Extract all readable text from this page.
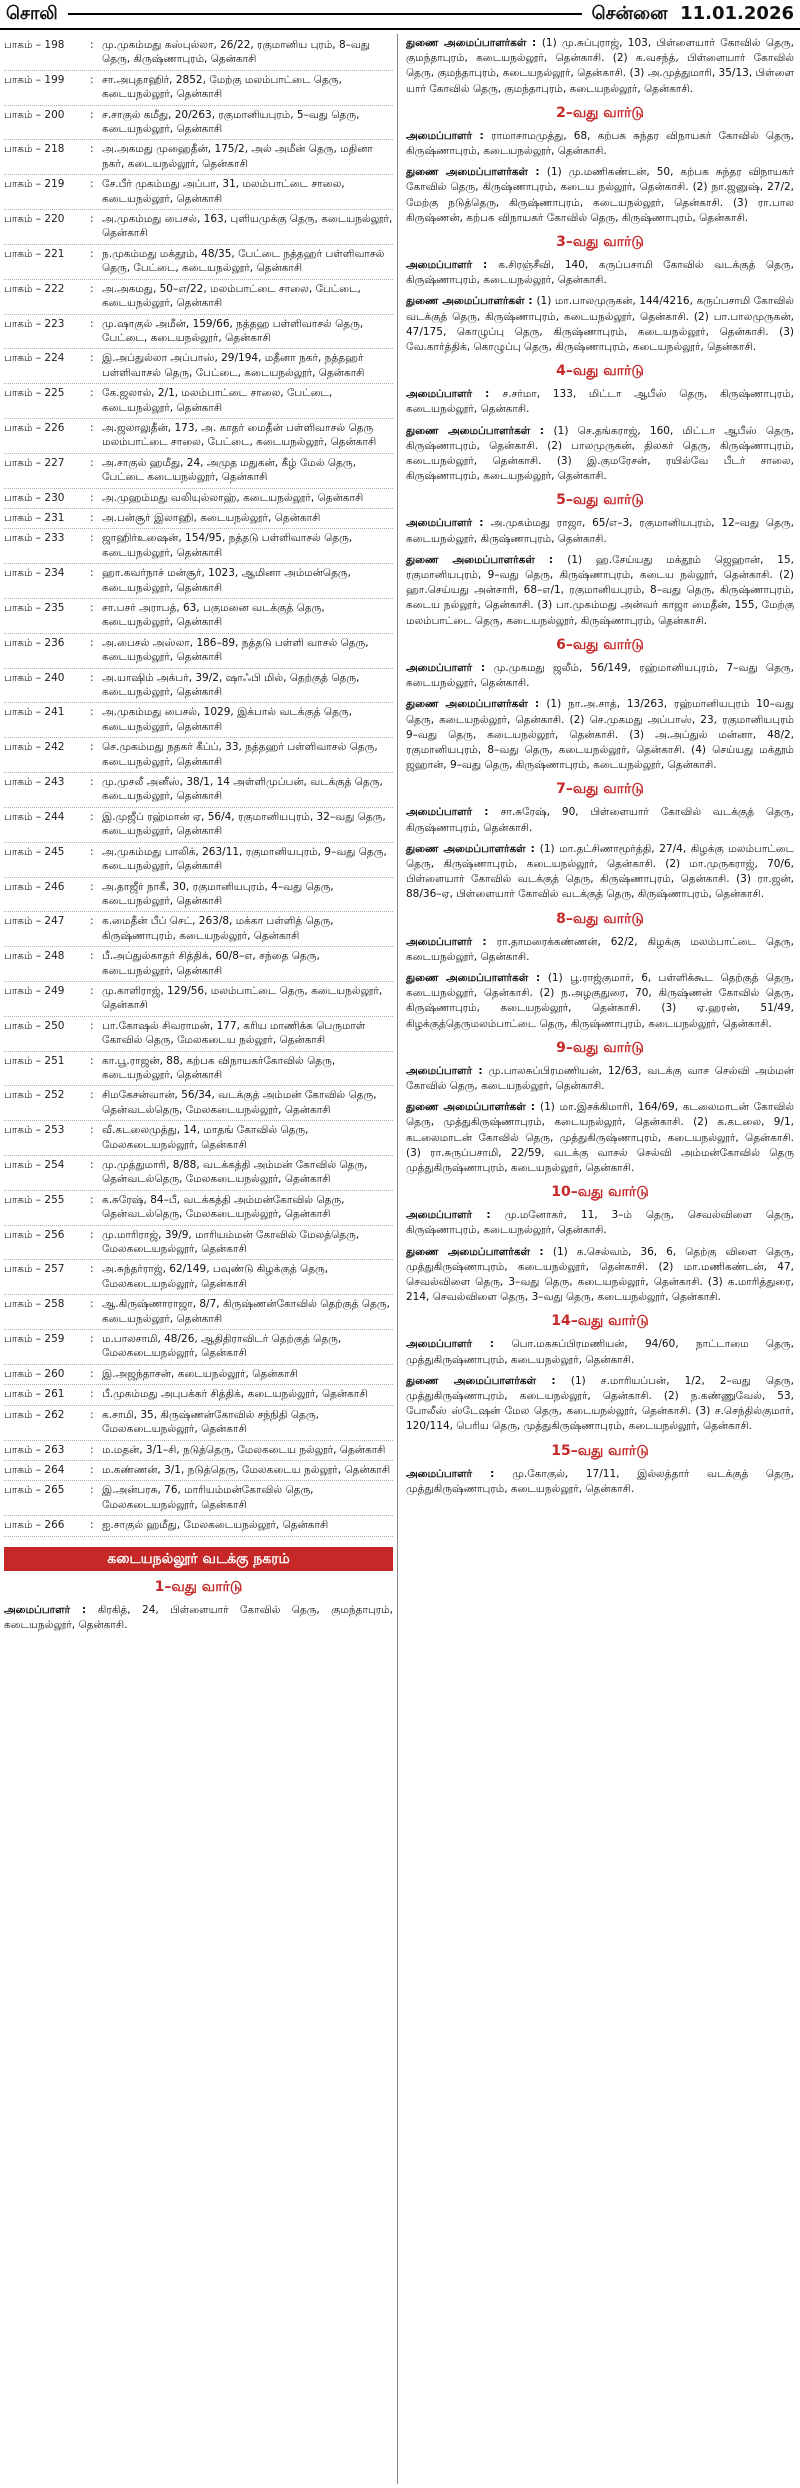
சொலி	சென்னை 11.01.2026
பாகம் – 198	: மு.முகம்மது கஸ்புல்லா, 26/22, ரகுமானிய புரம், 8–வது தெரு, கிருஷ்ணாபுரம், தென்காசி
பாகம் – 199	: சா.அபுதாஹிர், 2852, மேற்கு மலம்பாட்டை தெரு, கடையநல்லூர், தென்காசி
பாகம் – 200	: ச.சாகுல் கமீது, 20/263, ரகுமானியபுரம், 5–வது தெரு, கடையநல்லூர், தென்காசி
பாகம் – 218	: அ.அகமது முஹைதீன், 175/2, அல் அமீன் தெரு, மதினா நகர், கடையநல்லூர், தென்காசி
பாகம் – 219	: சே.பீர் முகம்மது அப்பா, 31, மலம்பாட்டை சாலை, கடையநல்லூர், தென்காசி
பாகம் – 220	: அ.முகம்மது பைசல், 163, புளியமுக்கு தெரு, கடையநல்லூர், தென்காசி
பாகம் – 221	: ந.முகம்மது மக்தூம், 48/35, பேட்டை நத்தஹர் பள்ளிவாசல் தெரு, பேட்டை, கடையநல்லூர், தென்காசி
பாகம் – 222	: அ.அகமது, 50–எ/22, மலம்பாட்டை சாலை, பேட்டை, கடையநல்லூர், தென்காசி
பாகம் – 223	: மு.ஷாகுல் அமீன், 159/66, நத்தஹ பள்ளிவாசல் தெரு, பேட்டை, கடையநல்லூர், தென்காசி
பாகம் – 224	: இ.அப்துல்லா அப்பாஸ், 29/194, மதீனா நகர், நத்தஹர் பள்ளிவாசல் தெரு, பேட்டை, கடையநல்லூர், தென்காசி
பாகம் – 225	: கே.ஜலால், 2/1, மலம்பாட்டை சாலை, பேட்டை, கடையநல்லூர், தென்காசி
பாகம் – 226	: அ.ஜலாலுதீன், 173, அ. காதர் மைதீன் பள்ளிவாசல் தெரு மலம்பாட்டை சாலை, பேட்டை, கடையநல்லூர், தென்காசி
பாகம் – 227	: அ.சாகுல் ஹமீது, 24, அமுத மதுகன், கீழ் மேல் தெரு, பேட்டை கடையநல்லூர், தென்காசி
பாகம் – 230	: அ.முஹம்மது வலியுல்லாஹ், கடையநல்லூர், தென்காசி
பாகம் – 231	: அ.பன்சூர் இலாஹி, கடையநல்லூர், தென்காசி
பாகம் – 233	: ஜாஹிர்உஷைன், 154/95, நத்தடு பள்ளிவாசல் தெரு, கடையநல்லூர், தென்காசி
பாகம் – 234	: ஹா.கவர்நாச் மன்சூர், 1023, ஆமினா அம்மன்தெரு, கடையநல்லூர், தென்காசி
பாகம் – 235	: சா.பசர் அராபத், 63, பகுமனை வடக்குத் தெரு, கடையநல்லூர், தென்காசி
பாகம் – 236	: அ.பைசல் அஸ்லா, 186–89, நத்தடு பள்ளி வாசல் தெரு, கடையநல்லூர், தென்காசி
பாகம் – 240	: அ.யாஷிம் அக்பர், 39/2, ஷாஃபி மில், தெற்குத் தெரு, கடையநல்லூர், தென்காசி
பாகம் – 241	: அ.முகம்மது பைசல், 1029, இக்பால் வடக்குத் தெரு, கடையநல்லூர், தென்காசி
பாகம் – 242	: செ.முகம்மது நதகர் கீப்ப், 33, நத்தஹர் பள்ளிவாசல் தெரு, கடையநல்லூர், தென்காசி
பாகம் – 243	: மு.முசலீ அனீஸ், 38/1, 14 அள்ளிமுப்பன், வடக்குத் தெரு, கடையநல்லூர், தென்காசி
பாகம் – 244	: இ.முஜீப் ரஹ்மான் ஏ, 56/4, ரகுமானியபுரம், 32–வது தெரு, கடையநல்லூர், தென்காசி
பாகம் – 245	: அ.முகம்மது பாலிக், 263/11, ரகுமானியபுரம், 9–வது தெரு, கடையநல்லூர், தென்காசி
பாகம் – 246	: அ.தாஜீர் நாகீ, 30, ரகுமானியபுரம், 4–வது தெரு, கடையநல்லூர், தென்காசி
பாகம் – 247	: க.மைதீன் பீப் செட், 263/8, மக்கா பள்ளித் தெரு, கிருஷ்ணாபுரம், கடையநல்லூர், தென்காசி
பாகம் – 248	: பீ.அப்துல்காதர் சித்திக், 60/8–எ, சந்தை தெரு, கடையநல்லூர், தென்காசி
பாகம் – 249	: மு.காளிராஜ், 129/56, மலம்பாட்டை தெரு, கடையநல்லூர், தென்காசி
பாகம் – 250	: பா.கோஷல் சிவராமன், 177, கரிய மாணிக்க பெருமாள் கோவில் தெரு, மேலகடைய நல்லூர், தென்காசி
பாகம் – 251	: கா.பூ.ராஜன், 88, கற்பக விநாயகர்கோவில் தெரு, கடையநல்லூர், தென்காசி
பாகம் – 252	: சிமகேசன்வான், 56/34, வடக்குத் அம்மன் கோவில் தெரு, தென்வடல்தெரு, மேலகடையநல்லூர், தென்காசி
பாகம் – 253	: வீ.கடலைமுத்து, 14, மாதங் கோவில் தெரு, மேலகடையநல்லூர், தென்காசி
பாகம் – 254	: மு.முத்துமாரி, 8/88, வடக்கத்தி அம்மன் கோவில் தெரு, தென்வடல்தெரு, மேலகடையநல்லூர், தென்காசி
பாகம் – 255	: க.சுரேஷ், 84–பீ, வடக்கத்தி அம்மன்கோவில் தெரு, தென்வடல்தெரு, மேலகடையநல்லூர், தென்காசி
பாகம் – 256	: மு.மாரிராஜ், 39/9, மாரியம்மன் கோவில் மேலத்தெரு, மேலகடையநல்லூர், தென்காசி
பாகம் – 257	: அ.சுந்தர்ராஜ், 62/149, பவுண்டு கிழக்குத் தெரு, மேலகடையநல்லூர், தென்காசி
பாகம் – 258	: ஆ.கிருஷ்ணாராஜா, 8/7, கிருஷ்ணன்கோவில் தெற்குத் தெரு, கடையநல்லூர், தென்காசி
பாகம் – 259	: ம.பாலசாமி, 48/26, ஆதிதிராவிடர் தெற்குத் தெரு, மேலகடையநல்லூர், தென்காசி
பாகம் – 260	: இ.அஜந்தாசன், கடையநல்லூர், தென்காசி
பாகம் – 261	: பீ.முகம்மது அபுபக்கர் சித்திக், கடையநல்லூர், தென்காசி
பாகம் – 262	: க.சாமி, 35, கிருஷ்ணன்கோவில் சந்நிதி தெரு, மேலகடையநல்லூர், தென்காசி
பாகம் – 263	: ம.மதன், 3/1–சி, நடுத்தெரு, மேலகடைய நல்லூர், தென்காசி
பாகம் – 264	: ம.கண்ணன், 3/1, நடுத்தெரு, மேலகடைய நல்லூர், தென்காசி
பாகம் – 265	: இ.அன்பரசு, 76, மாரியம்மன்கோவில் தெரு, மேலகடையநல்லூர், தென்காசி
பாகம் – 266	: ஐ.சாகுல் ஹமீது, மேலகடையநல்லூர், தென்காசி
கடையநல்லூர் வடக்கு நகரம்
1–வது வார்டு

அமைப்பாளர் : கிரகித், 24, பிள்ளையார் கோவில் தெரு, குமந்தாபுரம், கடையநல்லூர், தென்காசி.

துணை அமைப்பாளர்கள் : (1) மு.சுப்புராஜ், 103, பிள்ளையார் கோவில் தெரு, குமந்தாபுரம், கடையநல்லூர், தென்காசி. (2) க.வசந்த், பிள்ளையார் கோவில் தெரு, குமந்தாபுரம், கடையநல்லூர், தென்காசி. (3) அ.முத்துமாரி, 35/13, பிள்ளை யார் கோவில் தெரு, குமந்தாபுரம், கடையநல்லூர், தென்காசி.

2–வது வார்டு

அமைப்பாளர் : ராமாசாமமுத்து, 68, கற்பக சுந்தர விநாயகர் கோவில் தெரு, கிருஷ்ணாபுரம், கடையநல்லூர், தென்காசி.

துணை அமைப்பாளர்கள் : (1) மு.மணிகண்டன், 50, கற்பக சுந்தர விநாயகர் கோவில் தெரு, கிருஷ்ணாபுரம், கடைய நல்லூர், தென்காசி. (2) நா.ஜனுஷ், 27/2, மேற்கு நடுத்தெரு, கிருஷ்ணாபுரம், கடையநல்லூர், தென்காசி. (3) ரா.பால கிருஷ்ணன், கற்பக விநாயகர் கோவில் தெரு, கிருஷ்ணாபுரம், தென்காசி.

3–வது வார்டு

அமைப்பாளர் : க.சிரஞ்சீவி, 140, கருப்பசாமி கோவில் வடக்குத் தெரு, கிருஷ்ணாபுரம், கடையநல்லூர், தென்காசி.

துணை அமைப்பாளர்கள் : (1) மா.பாலமுருகன், 144/4216, கருப்பசாமி கோவில் வடக்குத் தெரு, கிருஷ்ணாபுரம், கடையநல்லூர், தென்காசி. (2) பா.பாலமுருகன், 47/175, கொழுப்பு தெரு, கிருஷ்ணாபுரம், கடையநல்லூர், தென்காசி. (3) வே.கார்த்திக், கொழுப்பு தெரு, கிருஷ்ணாபுரம், கடையநல்லூர், தென்காசி.

4–வது வார்டு

அமைப்பாளர் : ச.சர்மா, 133, மிட்டா ஆபீஸ் தெரு, கிருஷ்ணாபுரம், கடையநல்லூர், தென்காசி.

துணை அமைப்பாளர்கள் : (1) செ.தங்கராஜ், 160, மிட்டா ஆபீஸ் தெரு, கிருஷ்ணாபுரம், தென்காசி. (2) பாலமுருகன், திலகர் தெரு, கிருஷ்ணாபுரம், கடையநல்லூர், தென்காசி. (3) இ.குமரேசன், ரயில்வே பீடர் சாலை, கிருஷ்ணாபுரம், கடையநல்லூர், தென்காசி.

5–வது வார்டு

அமைப்பாளர் : அ.முகம்மது ராஜா, 65/எ–3, ரகுமானியபுரம், 12–வது தெரு, கடையநல்லூர், கிருஷ்ணாபுரம், தென்காசி.

துணை அமைப்பாளர்கள் : (1) ஹ.சேய்யது மக்தூம் ஜெஹான், 15, ரகுமானியபுரம், 9–வது தெரு, கிருஷ்ணாபுரம், கடைய நல்லூர், தென்காசி. (2) ஹா.செய்யது அன்சாரி, 68–எ/1, ரகுமானியபுரம், 8–வது தெரு, கிருஷ்ணாபுரம், கடைய நல்லூர், தென்காசி. (3) பா.முகம்மது அன்வர் காஜா மைதீன், 155, மேற்கு மலம்பாட்டை தெரு, கடையநல்லூர், கிருஷ்ணாபுரம், தென்காசி.

6–வது வார்டு

அமைப்பாளர் : மு.முகமது ஜலீம், 56/149, ரஹ்மானியபுரம், 7–வது தெரு, கடையநல்லூர், தென்காசி.

துணை அமைப்பாளர்கள் : (1) நா.அ.சாத், 13/263, ரஹ்மானியபுரம் 10–வது தெரு, கடையநல்லூர், தென்காசி. (2) செ.முகமது அப்பாஸ், 23, ரகுமானியபுரம் 9–வது தெரு, கடையநல்லூர், தென்காசி. (3) அ.அப்துல் மன்னா, 48/2, ரகுமானியபுரம், 8–வது தெரு, கடையநல்லூர், தென்காசி. (4) செய்யது மக்தூம் ஜஹான், 9–வது தெரு, கிருஷ்ணாபுரம், கடையநல்லூர், தென்காசி.

7–வது வார்டு

அமைப்பாளர் : சா.சுரேஷ், 90, பிள்ளையார் கோவில் வடக்குத் தெரு, கிருஷ்ணாபுரம், தென்காசி.

துணை அமைப்பாளர்கள் : (1) மா.தட்சிணாமூர்த்தி, 27/4, கிழக்கு மலம்பாட்டை தெரு, கிருஷ்ணாபுரம், கடையநல்லூர், தென்காசி. (2) மா.முருகராஜ், 70/6, பிள்ளையார் கோவில் வடக்குத் தெரு, கிருஷ்ணாபுரம், தென்காசி. (3) ரா.ஜன், 88/36–ஏ, பிள்ளையார் கோவில் வடக்குத் தெரு, கிருஷ்ணாபுரம், தென்காசி.

8–வது வார்டு

அமைப்பாளர் : ரா.தாமரைக்கண்ணன், 62/2, கிழக்கு மலம்பாட்டை தெரு, கடையநல்லூர், தென்காசி.

துணை அமைப்பாளர்கள் : (1) பூ.ராஜ்குமார், 6, பள்ளிக்கூட தெற்குத் தெரு, கடையநல்லூர், தென்காசி. (2) ந.அழகுதுரை, 70, கிருஷ்ணன் கோவில் தெரு, கிருஷ்ணாபுரம், கடையநல்லூர், தென்காசி. (3) ஏ.ஹரன், 51/49, கிழக்குத்தெருமலம்பாட்டை தெரு, கிருஷ்ணாபுரம், கடையநல்லூர், தென்காசி.

9–வது வார்டு

அமைப்பாளர் : மு.பாலசுப்பிரமணியன், 12/63, வடக்கு வாச செல்வி அம்மன் கோவில் தெரு, கடையநல்லூர், தென்காசி.

துணை அமைப்பாளர்கள் : (1) மா.இசக்கிமாரி, 164/69, கடலைமாடன் கோவில் தெரு, முத்துகிருஷ்ணாபுரம், கடையநல்லூர், தென்காசி. (2) க.கடலை, 9/1, கடலைமாடன் கோவில் தெரு, முத்துகிருஷ்ணாபுரம், கடையநல்லூர், தென்காசி. (3) ரா.சுருப்பசாமி, 22/59, வடக்கு வாசல் செல்வி அம்மன்கோவில் தெரு முத்துகிருஷ்ணாபுரம், கடையநல்லூர், தென்காசி.

10–வது வார்டு

அமைப்பாளர் : மு.மனோகர், 11, 3–ம் தெரு, செவல்விளை தெரு, கிருஷ்ணாபுரம், கடையநல்லூர், தென்காசி.

துணை அமைப்பாளர்கள் : (1) க.செல்வம், 36, 6, தெற்கு விளை தெரு, முத்துகிருஷ்ணாபுரம், கடையநல்லூர், தென்காசி. (2) மா.மணிகண்டன், 47, செவல்விளை தெரு, 3–வது தெரு, கடையநல்லூர், தென்காசி. (3) க.மாரித்துரை, 214, செவல்விளை தெரு, 3–வது தெரு, கடையநல்லூர், தென்காசி.

14–வது வார்டு

அமைப்பாளர் : பொ.மகசுப்பிரமணியன், 94/60, நாட்டாமை தெரு, முத்துகிருஷ்ணாபுரம், கடையநல்லூர், தென்காசி.

துணை அமைப்பாளர்கள் : (1) ச.மாரியப்பன், 1/2, 2–வது தெரு, முத்துகிருஷ்ணாபுரம், கடையநல்லூர், தென்காசி. (2) ந.கண்ணுவேல், 53, போலீஸ் ஸ்டேஷன் மேல தெரு, கடையநல்லூர், தென்காசி. (3) ச.செந்தில்குமார், 120/114, பெரிய தெரு, முத்துகிருஷ்ணாபுரம், கடையநல்லூர், தென்காசி.

15–வது வார்டு

அமைப்பாளர் : மு.கோகுல், 17/11, இல்லத்தார் வடக்குத் தெரு, முத்துகிருஷ்ணாபுரம், கடையநல்லூர், தென்காசி.
